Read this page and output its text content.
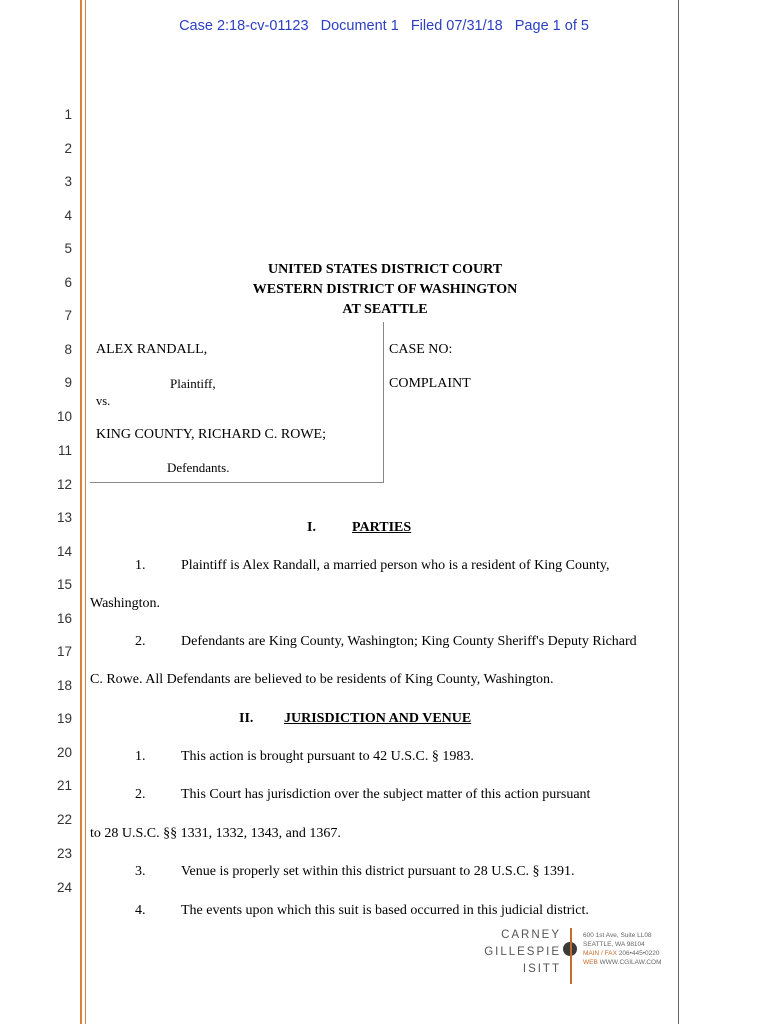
Case 2:18-cv-01123 Document 1 Filed 07/31/18 Page 1 of 5
1
2
3
4
5
6
7
8
9
10
11
12
13
14
15
16
17
18
19
20
21
22
23
24
UNITED STATES DISTRICT COURT
WESTERN DISTRICT OF WASHINGTON
AT SEATTLE
ALEX RANDALL,
Plaintiff,
vs.
KING COUNTY, RICHARD C. ROWE;
Defendants.
CASE NO:
COMPLAINT
I.	PARTIES
1.	Plaintiff is Alex Randall, a married person who is a resident of King County,
Washington.
2.	Defendants are King County, Washington; King County Sheriff's Deputy Richard
C. Rowe. All Defendants are believed to be residents of King County, Washington.
II. JURISDICTION AND VENUE
1.	This action is brought pursuant to 42 U.S.C. § 1983.
2.	This Court has jurisdiction over the subject matter of this action pursuant
to 28 U.S.C. §§ 1331, 1332, 1343, and 1367.
3.	Venue is properly set within this district pursuant to 28 U.S.C. § 1391.
4.	The events upon which this suit is based occurred in this judicial district.
CARNEY
GILLESPIE
ISITT
600 1st Ave, Suite LL08
SEATTLE, WA 98104
MAIN / FAX 206•445•0220
WEB WWW.CGILAW.COM
